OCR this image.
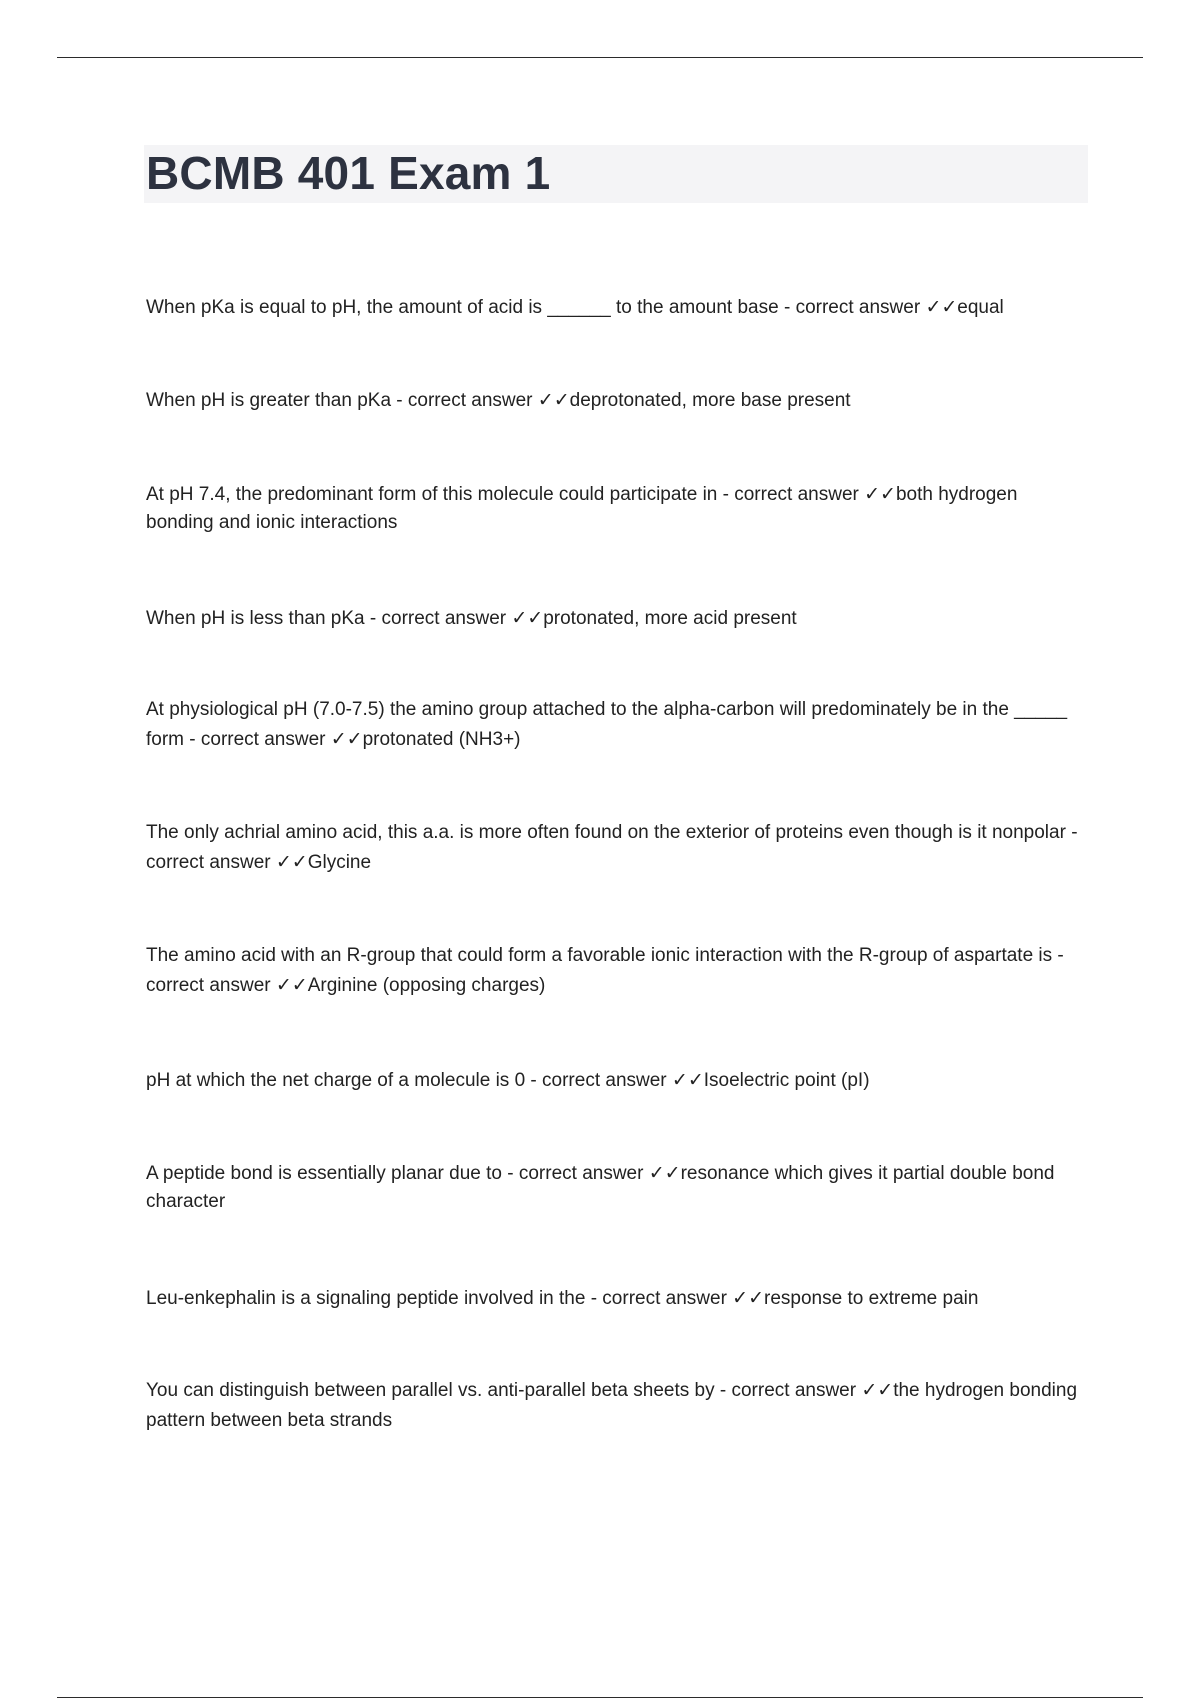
BCMB 401 Exam 1

When pKa is equal to pH, the amount of acid is ______ to the amount base - correct answer ✓✓equal

When pH is greater than pKa - correct answer ✓✓deprotonated, more base present

At pH 7.4, the predominant form of this molecule could participate in - correct answer ✓✓both hydrogen bonding and ionic interactions

When pH is less than pKa - correct answer ✓✓protonated, more acid present

At physiological pH (7.0-7.5) the amino group attached to the alpha-carbon will predominately be in the _____ form - correct answer ✓✓protonated (NH3+)

The only achrial amino acid, this a.a. is more often found on the exterior of proteins even though is it nonpolar - correct answer ✓✓Glycine

The amino acid with an R-group that could form a favorable ionic interaction with the R-group of aspartate is - correct answer ✓✓Arginine (opposing charges)

pH at which the net charge of a molecule is 0 - correct answer ✓✓Isoelectric point (pI)

A peptide bond is essentially planar due to - correct answer ✓✓resonance which gives it partial double bond character

Leu-enkephalin is a signaling peptide involved in the - correct answer ✓✓response to extreme pain

You can distinguish between parallel vs. anti-parallel beta sheets by - correct answer ✓✓the hydrogen bonding pattern between beta strands
